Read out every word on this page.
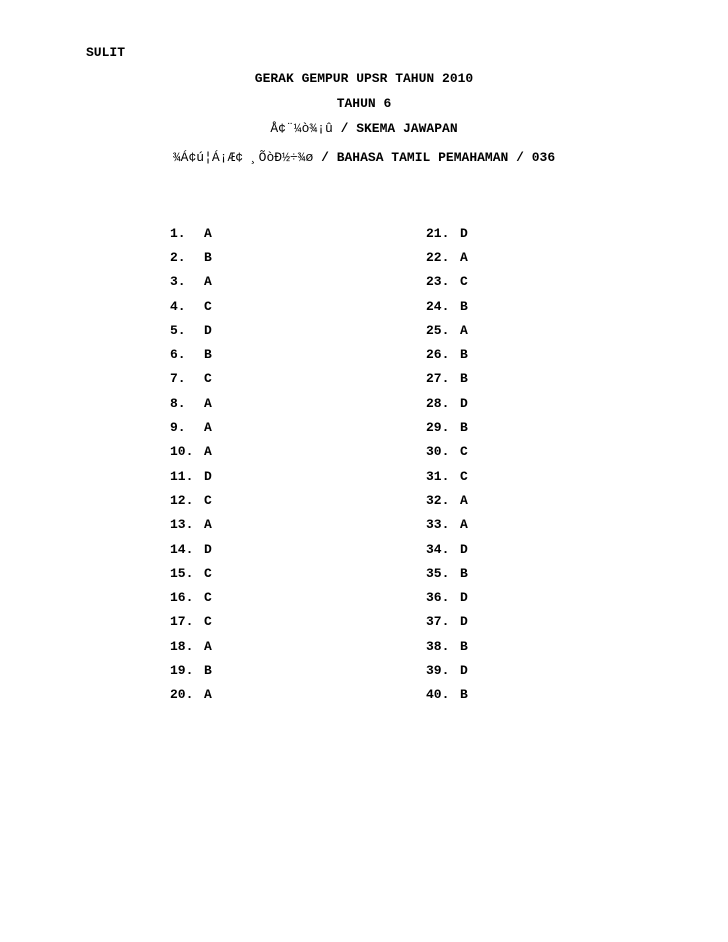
SULIT
GERAK GEMPUR UPSR TAHUN 2010
TAHUN 6
Å¢¨¼ò¾¡û / SKEMA JAWAPAN
¾Á¢ú¦Á¡Æ¢ ¸ÕòÐ½÷¾ø / BAHASA TAMIL PEMAHAMAN / 036
1.	A
2.	B
3.	A
4.	C
5.	D
6.	B
7.	C
8.	A
9.	A
10. A
11. D
12. C
13. A
14. D
15. C
16. C
17. C
18. A
19. B
20. A
21. D
22. A
23. C
24. B
25. A
26. B
27. B
28. D
29. B
30. C
31. C
32. A
33. A
34. D
35. B
36. D
37. D
38. B
39. D
40. B
